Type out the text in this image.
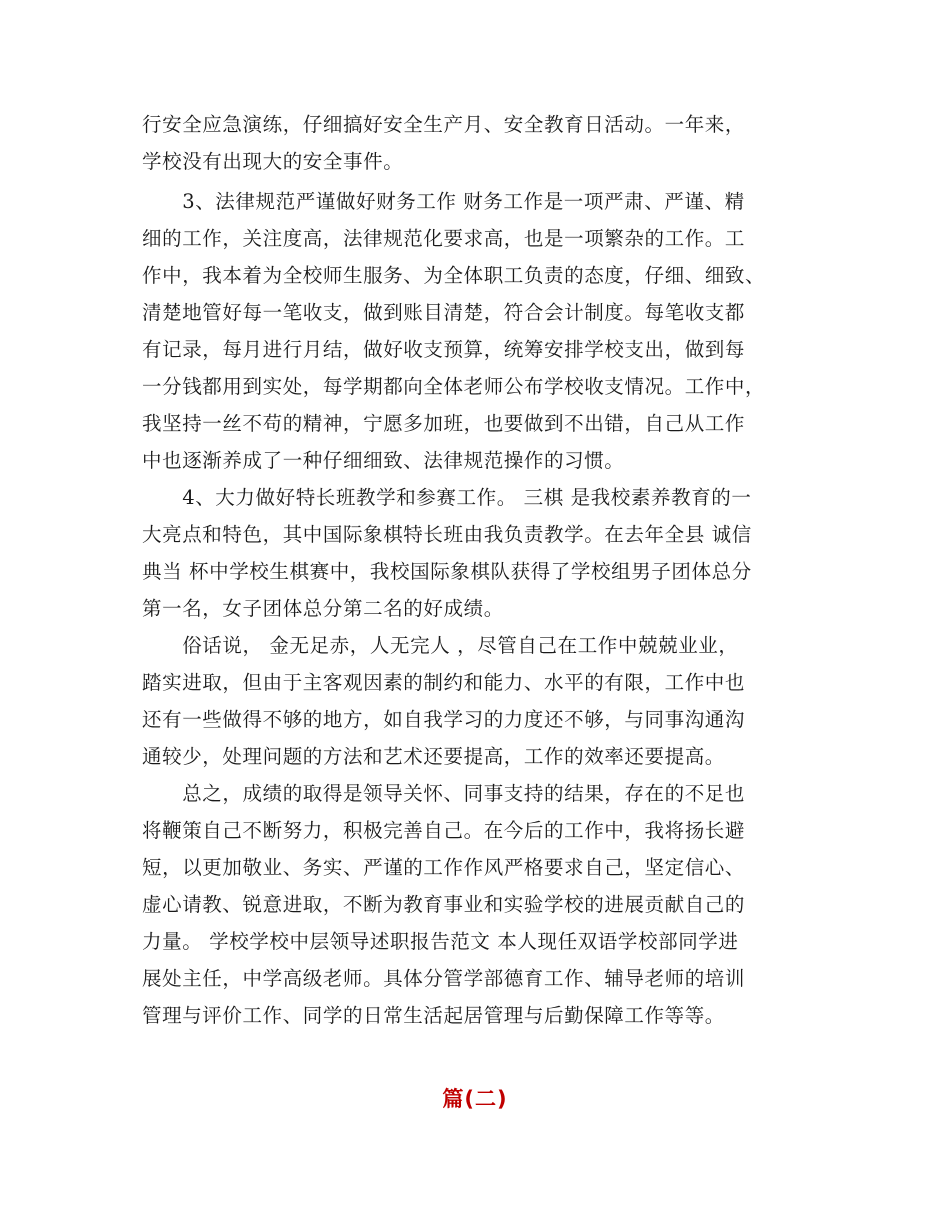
行安全应急演练，仔细搞好安全生产月、安全教育日活动。一年来，
学校没有出现大的安全事件。
　　3、法律规范严谨做好财务工作 财务工作是一项严肃、严谨、精
细的工作，关注度高，法律规范化要求高，也是一项繁杂的工作。工
作中，我本着为全校师生服务、为全体职工负责的态度，仔细、细致、
清楚地管好每一笔收支，做到账目清楚，符合会计制度。每笔收支都
有记录，每月进行月结，做好收支预算，统筹安排学校支出，做到每
一分钱都用到实处，每学期都向全体老师公布学校收支情况。工作中，
我坚持一丝不苟的精神，宁愿多加班，也要做到不出错，自己从工作
中也逐渐养成了一种仔细细致、法律规范操作的习惯。
　　4、大力做好特长班教学和参赛工作。 三棋 是我校素养教育的一
大亮点和特色，其中国际象棋特长班由我负责教学。在去年全县 诚信
典当 杯中学校生棋赛中，我校国际象棋队获得了学校组男子团体总分
第一名，女子团体总分第二名的好成绩。
　　俗话说， 金无足赤，人无完人 ，尽管自己在工作中兢兢业业，
踏实进取，但由于主客观因素的制约和能力、水平的有限，工作中也
还有一些做得不够的地方，如自我学习的力度还不够，与同事沟通沟
通较少，处理问题的方法和艺术还要提高，工作的效率还要提高。
　　总之，成绩的取得是领导关怀、同事支持的结果，存在的不足也
将鞭策自己不断努力，积极完善自己。在今后的工作中，我将扬长避
短，以更加敬业、务实、严谨的工作作风严格要求自己，坚定信心、
虚心请教、锐意进取，不断为教育事业和实验学校的进展贡献自己的
力量。 学校学校中层领导述职报告范文 本人现任双语学校部同学进
展处主任，中学高级老师。具体分管学部德育工作、辅导老师的培训
管理与评价工作、同学的日常生活起居管理与后勤保障工作等等。
篇(二)
